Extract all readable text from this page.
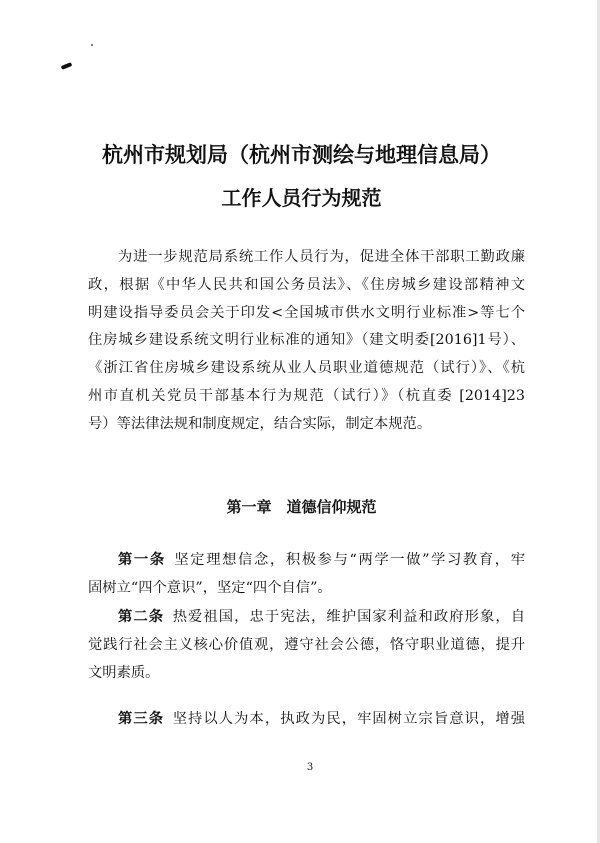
杭州市规划局（杭州市测绘与地理信息局）
工作人员行为规范
为进一步规范局系统工作人员行为，促进全体干部职工勤政廉
政，根据《中华人民共和国公务员法》、《住房城乡建设部精神文
明建设指导委员会关于印发<全国城市供水文明行业标准>等七个
住房城乡建设系统文明行业标准的通知》（建文明委[2016]1号）、
《浙江省住房城乡建设系统从业人员职业道德规范（试行）》、《杭
州市直机关党员干部基本行为规范（试行）》（杭直委 [2014]23
号）等法律法规和制度规定，结合实际，制定本规范。
第一章　道德信仰规范
第一条 坚定理想信念，积极参与“两学一做”学习教育，牢
固树立“四个意识”，坚定“四个自信”。
第二条 热爱祖国，忠于宪法，维护国家利益和政府形象，自
觉践行社会主义核心价值观，遵守社会公德，恪守职业道德，提升
文明素质。
第三条 坚持以人为本，执政为民，牢固树立宗旨意识，增强
3
